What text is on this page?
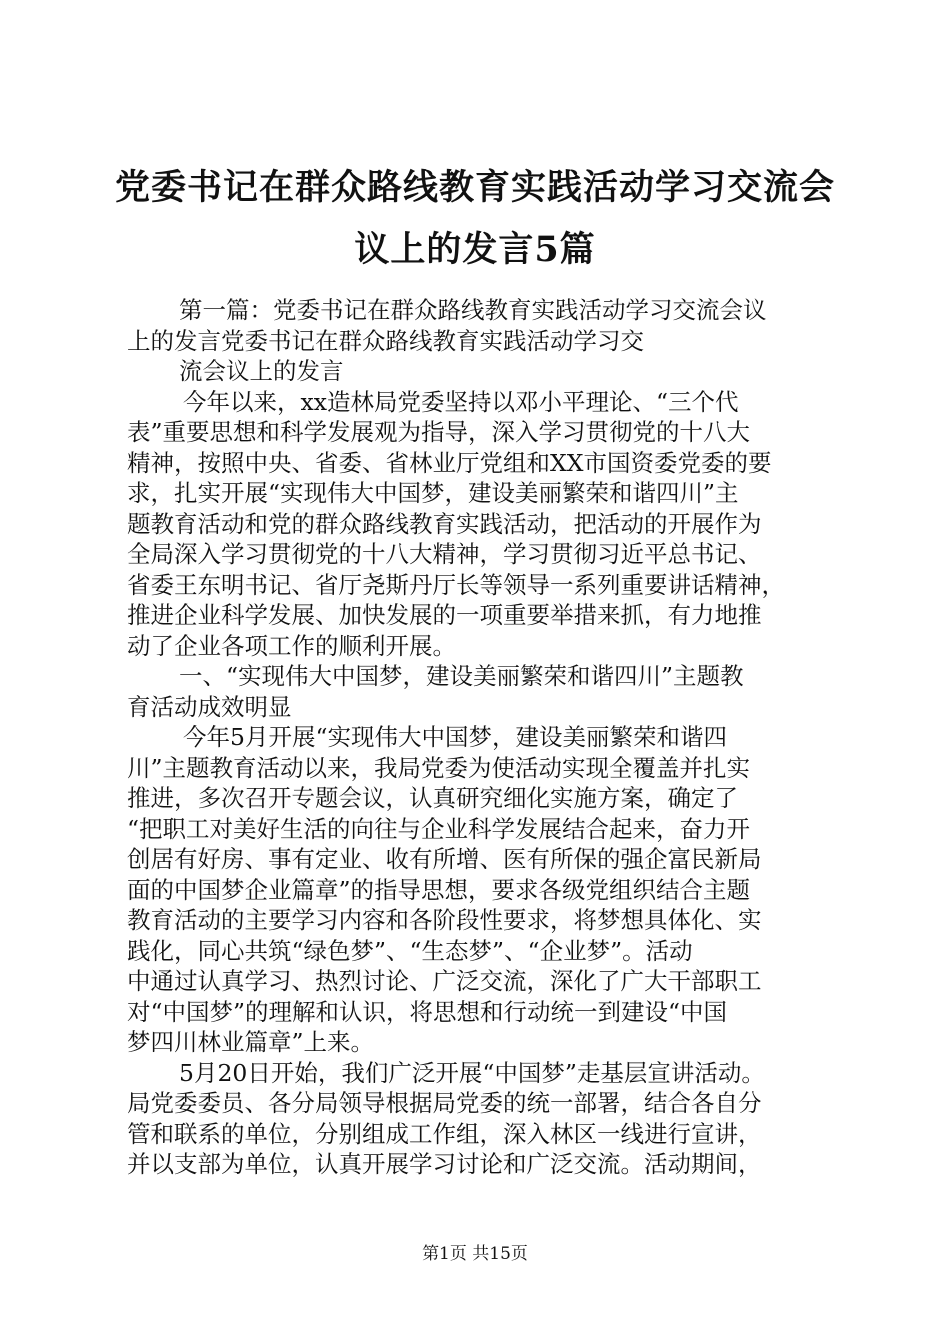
党委书记在群众路线教育实践活动学习交流会
议上的发言5篇
第一篇：党委书记在群众路线教育实践活动学习交流会议
上的发言党委书记在群众路线教育实践活动学习交
流会议上的发言
今年以来，xx造林局党委坚持以邓小平理论、“三个代
表”重要思想和科学发展观为指导，深入学习贯彻党的十八大
精神，按照中央、省委、省林业厅党组和XX市国资委党委的要
求，扎实开展“实现伟大中国梦，建设美丽繁荣和谐四川”主
题教育活动和党的群众路线教育实践活动，把活动的开展作为
全局深入学习贯彻党的十八大精神，学习贯彻习近平总书记、
省委王东明书记、省厅尧斯丹厅长等领导一系列重要讲话精神，
推进企业科学发展、加快发展的一项重要举措来抓，有力地推
动了企业各项工作的顺利开展。
一、“实现伟大中国梦，建设美丽繁荣和谐四川”主题教
育活动成效明显
今年5月开展“实现伟大中国梦，建设美丽繁荣和谐四
川”主题教育活动以来，我局党委为使活动实现全覆盖并扎实
推进，多次召开专题会议，认真研究细化实施方案，确定了
“把职工对美好生活的向往与企业科学发展结合起来，奋力开
创居有好房、事有定业、收有所增、医有所保的强企富民新局
面的中国梦企业篇章”的指导思想，要求各级党组织结合主题
教育活动的主要学习内容和各阶段性要求，将梦想具体化、实
践化，同心共筑“绿色梦”、“生态梦”、“企业梦”。活动
中通过认真学习、热烈讨论、广泛交流，深化了广大干部职工
对“中国梦”的理解和认识，将思想和行动统一到建设“中国
梦四川林业篇章”上来。
5月20日开始，我们广泛开展“中国梦”走基层宣讲活动。
局党委委员、各分局领导根据局党委的统一部署，结合各自分
管和联系的单位，分别组成工作组，深入林区一线进行宣讲，
并以支部为单位，认真开展学习讨论和广泛交流。活动期间，
第1页 共15页
